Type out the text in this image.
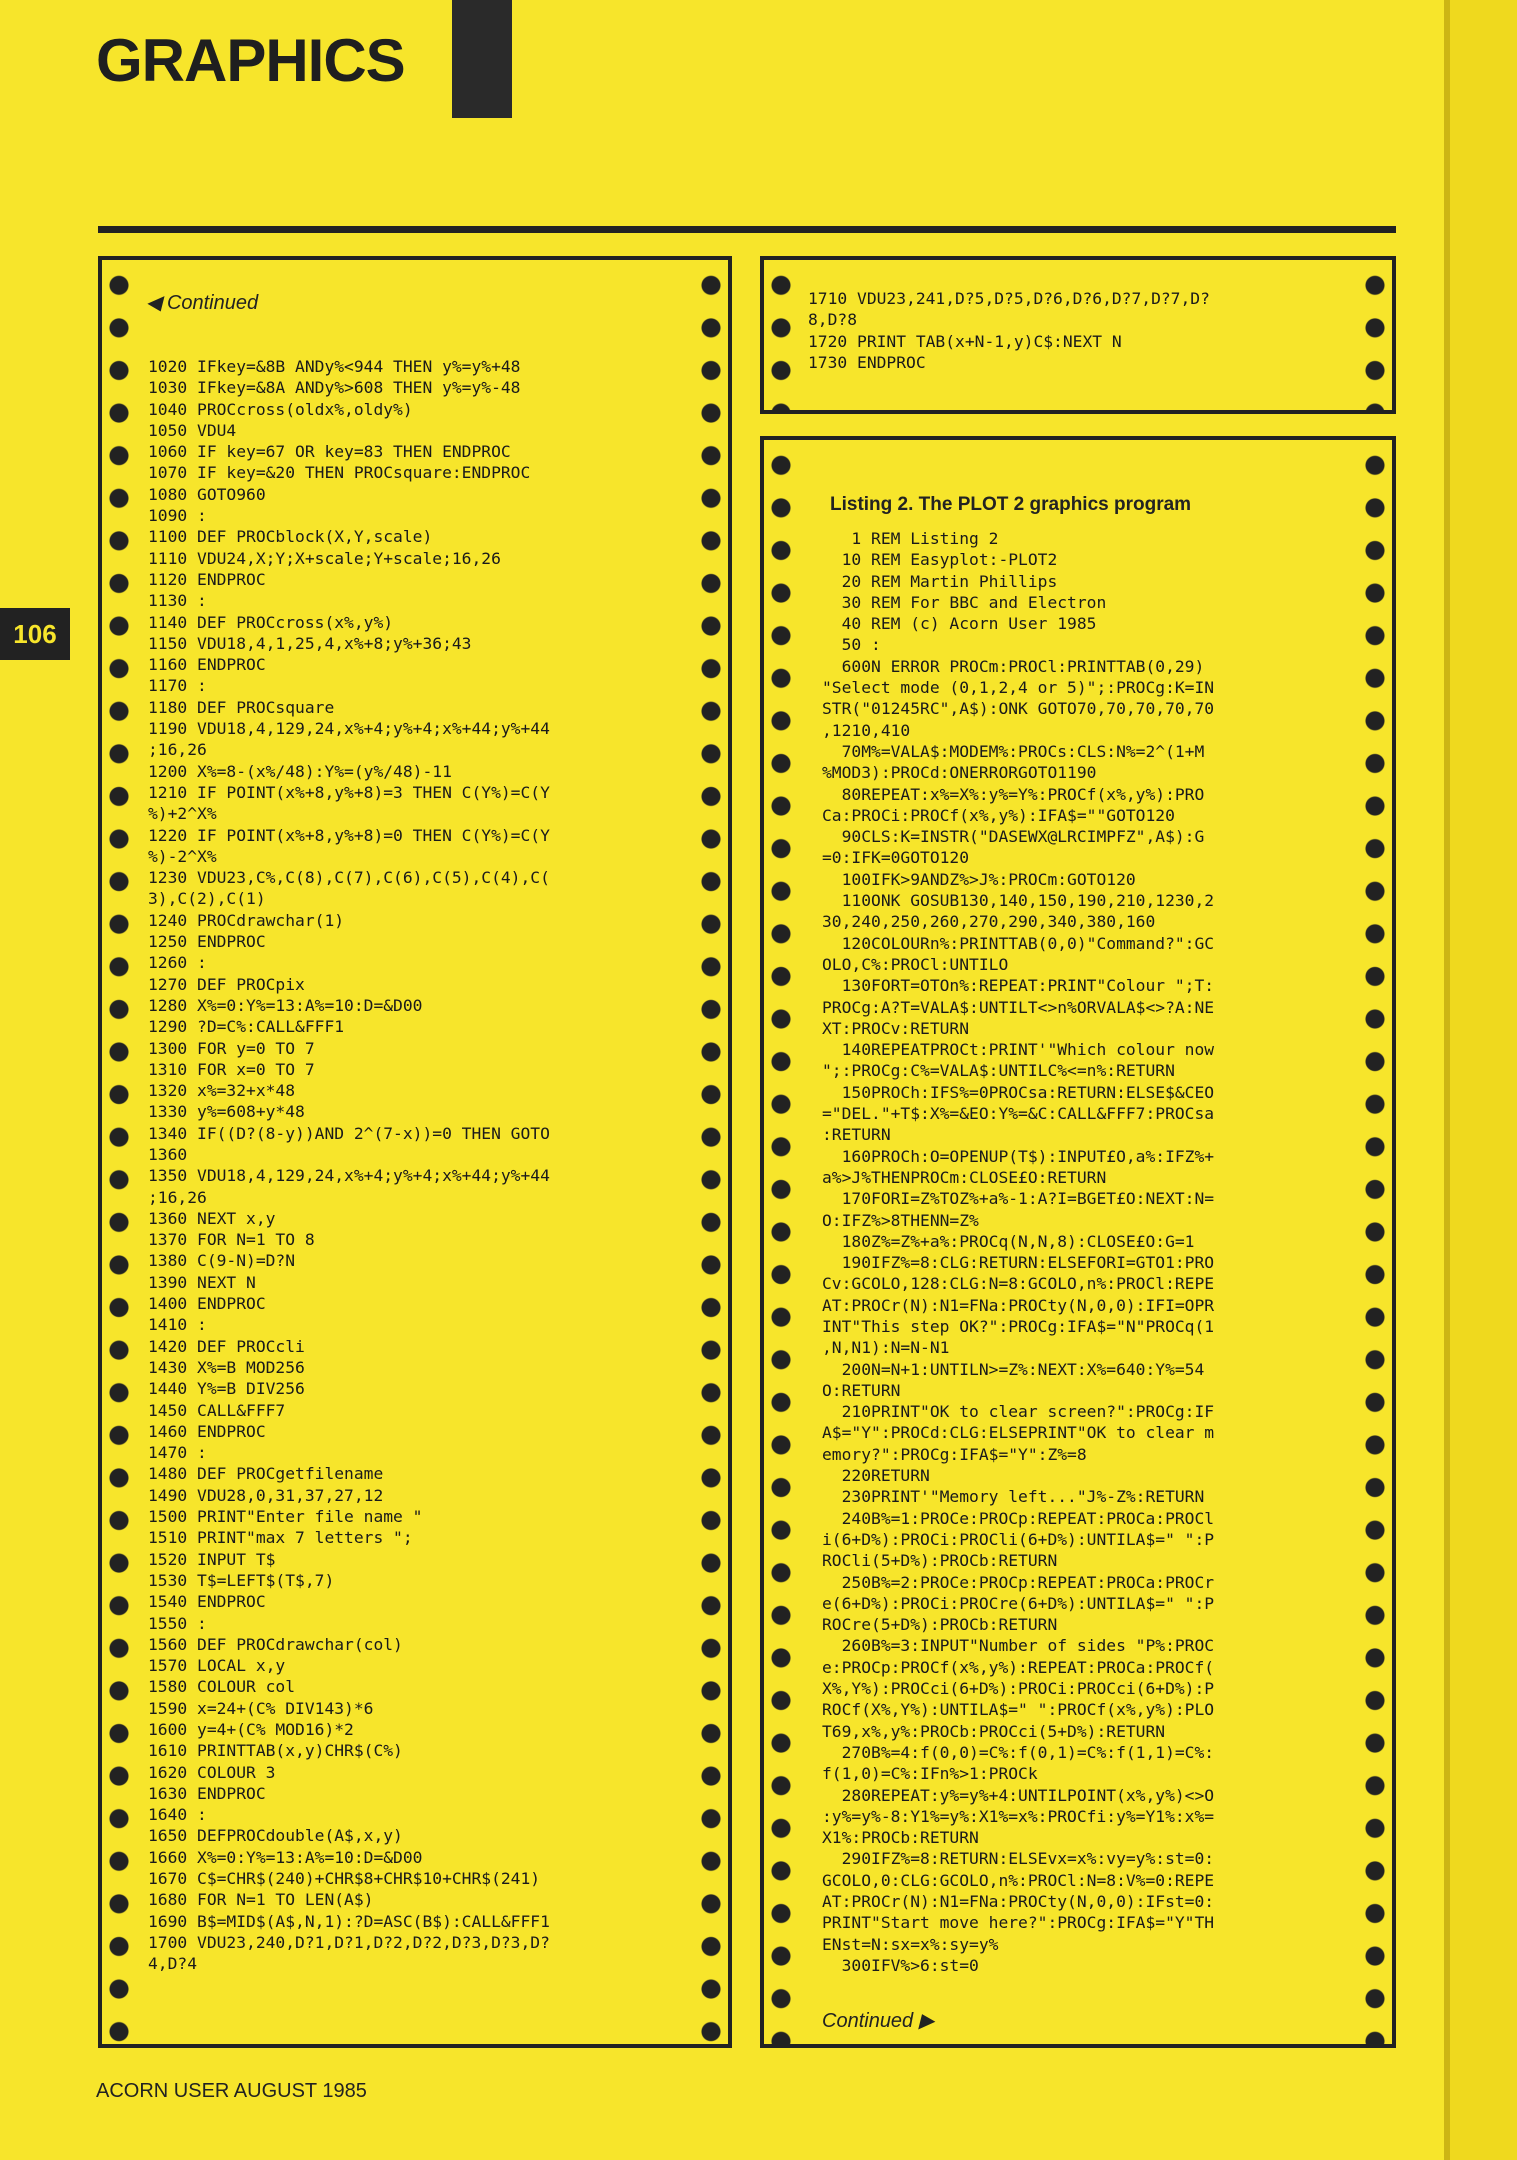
GRAPHICS
106
◀ Continued
1020 IFkey=&8B ANDy%<944 THEN y%=y%+48
1030 IFkey=&8A ANDy%>608 THEN y%=y%-48
1040 PROCcross(oldx%,oldy%)
1050 VDU4
1060 IF key=67 OR key=83 THEN ENDPROC
1070 IF key=&20 THEN PROCsquare:ENDPROC
1080 GOTO960
1090 :
1100 DEF PROCblock(X,Y,scale)
1110 VDU24,X;Y;X+scale;Y+scale;16,26
1120 ENDPROC
1130 :
1140 DEF PROCcross(x%,y%)
1150 VDU18,4,1,25,4,x%+8;y%+36;43
1160 ENDPROC
1170 :
1180 DEF PROCsquare
1190 VDU18,4,129,24,x%+4;y%+4;x%+44;y%+44
;16,26
1200 X%=8-(x%/48):Y%=(y%/48)-11
1210 IF POINT(x%+8,y%+8)=3 THEN C(Y%)=C(Y
%)+2^X%
1220 IF POINT(x%+8,y%+8)=0 THEN C(Y%)=C(Y
%)-2^X%
1230 VDU23,C%,C(8),C(7),C(6),C(5),C(4),C(
3),C(2),C(1)
1240 PROCdrawchar(1)
1250 ENDPROC
1260 :
1270 DEF PROCpix
1280 X%=0:Y%=13:A%=10:D=&D00
1290 ?D=C%:CALL&FFF1
1300 FOR y=0 TO 7
1310 FOR x=0 TO 7
1320 x%=32+x*48
1330 y%=608+y*48
1340 IF((D?(8-y))AND 2^(7-x))=0 THEN GOTO
1360
1350 VDU18,4,129,24,x%+4;y%+4;x%+44;y%+44
;16,26
1360 NEXT x,y
1370 FOR N=1 TO 8
1380 C(9-N)=D?N
1390 NEXT N
1400 ENDPROC
1410 :
1420 DEF PROCcli
1430 X%=B MOD256
1440 Y%=B DIV256
1450 CALL&FFF7
1460 ENDPROC
1470 :
1480 DEF PROCgetfilename
1490 VDU28,0,31,37,27,12
1500 PRINT"Enter file name "
1510 PRINT"max 7 letters ";
1520 INPUT T$
1530 T$=LEFT$(T$,7)
1540 ENDPROC
1550 :
1560 DEF PROCdrawchar(col)
1570 LOCAL x,y
1580 COLOUR col
1590 x=24+(C% DIV143)*6
1600 y=4+(C% MOD16)*2
1610 PRINTTAB(x,y)CHR$(C%)
1620 COLOUR 3
1630 ENDPROC
1640 :
1650 DEFPROCdouble(A$,x,y)
1660 X%=0:Y%=13:A%=10:D=&D00
1670 C$=CHR$(240)+CHR$8+CHR$10+CHR$(241)
1680 FOR N=1 TO LEN(A$)
1690 B$=MID$(A$,N,1):?D=ASC(B$):CALL&FFF1
1700 VDU23,240,D?1,D?1,D?2,D?2,D?3,D?3,D?
4,D?4
1710 VDU23,241,D?5,D?5,D?6,D?6,D?7,D?7,D?
8,D?8
1720 PRINT TAB(x+N-1,y)C$:NEXT N
1730 ENDPROC
Listing 2. The PLOT 2 graphics program
1 REM Listing 2
10 REM Easyplot:-PLOT2
20 REM Martin Phillips
30 REM For BBC and Electron
40 REM (c) Acorn User 1985
50 :
600N ERROR PROCm:PROCl:PRINTTAB(0,29)
"Select mode (0,1,2,4 or 5)";:PROCg:K=IN
STR("01245RC",A$):ONK GOTO70,70,70,70,70
,1210,410
70M%=VALA$:MODEM%:PROCs:CLS:N%=2^(1+M
%MOD3):PROCd:ONERRORGOTO1190
80REPEAT:x%=X%:y%=Y%:PROCf(x%,y%):PRO
Ca:PROCi:PROCf(x%,y%):IFA$=""GOTO120
90CLS:K=INSTR("DASEWX@LRCIMPFZ",A$):G
=0:IFK=0GOTO120
100IFK>9ANDZ%>J%:PROCm:GOTO120
110ONK GOSUB130,140,150,190,210,1230,2
30,240,250,260,270,290,340,380,160
120COLOURn%:PRINTTAB(0,0)"Command?":GC
OLO,C%:PROCl:UNTILO
130FORT=OTOn%:REPEAT:PRINT"Colour ";T:
PROCg:A?T=VALA$:UNTILT<>n%ORVALA$<>?A:NE
XT:PROCv:RETURN
140REPEATPROCt:PRINT'"Which colour now
";:PROCg:C%=VALA$:UNTILC%<=n%:RETURN
150PROCh:IFS%=0PROCsa:RETURN:ELSE$&CEO
="DEL."+T$:X%=&EO:Y%=&C:CALL&FFF7:PROCsa
:RETURN
160PROCh:O=OPENUP(T$):INPUT£O,a%:IFZ%+
a%>J%THENPROCm:CLOSE£O:RETURN
170FORI=Z%TOZ%+a%-1:A?I=BGET£O:NEXT:N=
O:IFZ%>8THENN=Z%
180Z%=Z%+a%:PROCq(N,N,8):CLOSE£O:G=1
190IFZ%=8:CLG:RETURN:ELSEFORI=GTO1:PRO
Cv:GCOLO,128:CLG:N=8:GCOLO,n%:PROCl:REPE
AT:PROCr(N):N1=FNa:PROCty(N,0,0):IFI=OPR
INT"This step OK?":PROCg:IFA$="N"PROCq(1
,N,N1):N=N-N1
200N=N+1:UNTILN>=Z%:NEXT:X%=640:Y%=54
O:RETURN
210PRINT"OK to clear screen?":PROCg:IF
A$="Y":PROCd:CLG:ELSEPRINT"OK to clear m
emory?":PROCg:IFA$="Y":Z%=8
220RETURN
230PRINT'"Memory left..."J%-Z%:RETURN
240B%=1:PROCe:PROCp:REPEAT:PROCa:PROCl
i(6+D%):PROCi:PROCli(6+D%):UNTILA$=" ":P
ROCli(5+D%):PROCb:RETURN
250B%=2:PROCe:PROCp:REPEAT:PROCa:PROCr
e(6+D%):PROCi:PROCre(6+D%):UNTILA$=" ":P
ROCre(5+D%):PROCb:RETURN
260B%=3:INPUT"Number of sides "P%:PROC
e:PROCp:PROCf(x%,y%):REPEAT:PROCa:PROCf(
X%,Y%):PROCci(6+D%):PROCi:PROCci(6+D%):P
ROCf(X%,Y%):UNTILA$=" ":PROCf(x%,y%):PLO
T69,x%,y%:PROCb:PROCci(5+D%):RETURN
270B%=4:f(0,0)=C%:f(0,1)=C%:f(1,1)=C%:
f(1,0)=C%:IFn%>1:PROCk
280REPEAT:y%=y%+4:UNTILPOINT(x%,y%)<>O
:y%=y%-8:Y1%=y%:X1%=x%:PROCfi:y%=Y1%:x%=
X1%:PROCb:RETURN
290IFZ%=8:RETURN:ELSEvx=x%:vy=y%:st=0:
GCOLO,0:CLG:GCOLO,n%:PROCl:N=8:V%=0:REPE
AT:PROCr(N):N1=FNa:PROCty(N,0,0):IFst=0:
PRINT"Start move here?":PROCg:IFA$="Y"TH
ENst=N:sx=x%:sy=y%
300IFV%>6:st=0
Continued ▶
ACORN USER AUGUST 1985
